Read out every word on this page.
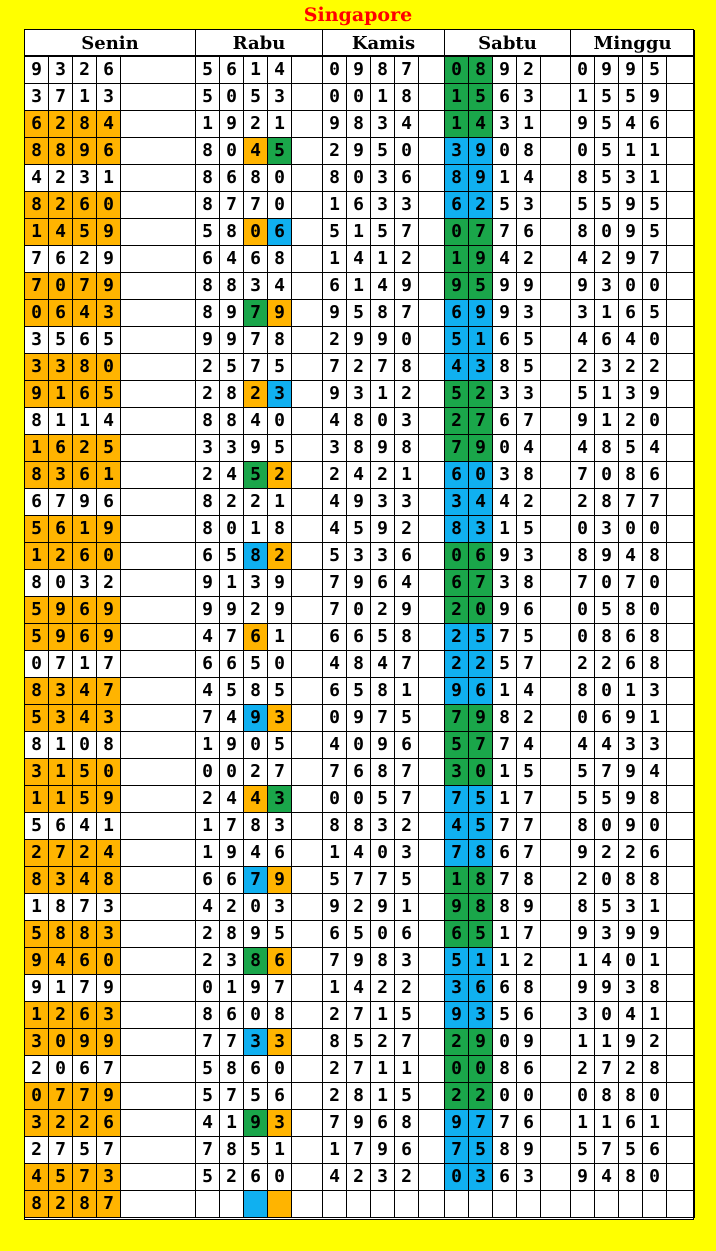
Singapore
Senin
9 3 2 6
3 7 1 3
6 2 8 4
8 8 9 6
4 2 3 1
8 2 6 0
1 4 5 9
7 6 2 9
7 0 7 9
0 6 4 3
3 5 6 5
3 3 8 0
9 1 6 5
8 1 1 4
1 6 2 5
8 3 6 1
6 7 9 6
5 6 1 9
1 2 6 0
8 0 3 2
5 9 6 9
5 9 6 9
0 7 1 7
8 3 4 7
5 3 4 3
8 1 0 8
3 1 5 0
1 1 5 9
5 6 4 1
2 7 2 4
8 3 4 8
1 8 7 3
5 8 8 3
9 4 6 0
9 1 7 9
1 2 6 3
3 0 9 9
2 0 6 7
0 7 7 9
3 2 2 6
2 7 5 7
4 5 7 3
8 2 8 7
Rabu
5 6 1 4
5 0 5 3
1 9 2 1
8 0 4 5
8 6 8 0
8 7 7 0
5 8 0 6
6 4 6 8
8 8 3 4
8 9 7 9
9 9 7 8
2 5 7 5
2 8 2 3
8 8 4 0
3 3 9 5
2 4 5 2
8 2 2 1
8 0 1 8
6 5 8 2
9 1 3 9
9 9 2 9
4 7 6 1
6 6 5 0
4 5 8 5
7 4 9 3
1 9 0 5
0 0 2 7
2 4 4 3
1 7 8 3
1 9 4 6
6 6 7 9
4 2 0 3
2 8 9 5
2 3 8 6
0 1 9 7
8 6 0 8
7 7 3 3
5 8 6 0
5 7 5 6
4 1 9 3
7 8 5 1
5 2 6 0
Kamis
0 9 8 7
0 0 1 8
9 8 3 4
2 9 5 0
8 0 3 6
1 6 3 3
5 1 5 7
1 4 1 2
6 1 4 9
9 5 8 7
2 9 9 0
7 2 7 8
9 3 1 2
4 8 0 3
3 8 9 8
2 4 2 1
4 9 3 3
4 5 9 2
5 3 3 6
7 9 6 4
7 0 2 9
6 6 5 8
4 8 4 7
6 5 8 1
0 9 7 5
4 0 9 6
7 6 8 7
0 0 5 7
8 8 3 2
1 4 0 3
5 7 7 5
9 2 9 1
6 5 0 6
7 9 8 3
1 4 2 2
2 7 1 5
8 5 2 7
2 7 1 1
2 8 1 5
7 9 6 8
1 7 9 6
4 2 3 2
Sabtu
0 8 9 2
1 5 6 3
1 4 3 1
3 9 0 8
8 9 1 4
6 2 5 3
0 7 7 6
1 9 4 2
9 5 9 9
6 9 9 3
5 1 6 5
4 3 8 5
5 2 3 3
2 7 6 7
7 9 0 4
6 0 3 8
3 4 4 2
8 3 1 5
0 6 9 3
6 7 3 8
2 0 9 6
2 5 7 5
2 2 5 7
9 6 1 4
7 9 8 2
5 7 7 4
3 0 1 5
7 5 1 7
4 5 7 7
7 8 6 7
1 8 7 8
9 8 8 9
6 5 1 7
5 1 1 2
3 6 6 8
9 3 5 6
2 9 0 9
0 0 8 6
2 2 0 0
9 7 7 6
7 5 8 9
0 3 6 3
Minggu
0 9 9 5
1 5 5 9
9 5 4 6
0 5 1 1
8 5 3 1
5 5 9 5
8 0 9 5
4 2 9 7
9 3 0 0
3 1 6 5
4 6 4 0
2 3 2 2
5 1 3 9
9 1 2 0
4 8 5 4
7 0 8 6
2 8 7 7
0 3 0 0
8 9 4 8
7 0 7 0
0 5 8 0
0 8 6 8
2 2 6 8
8 0 1 3
0 6 9 1
4 4 3 3
5 7 9 4
5 5 9 8
8 0 9 0
9 2 2 6
2 0 8 8
8 5 3 1
9 3 9 9
1 4 0 1
9 9 3 8
3 0 4 1
1 1 9 2
2 7 2 8
0 8 8 0
1 1 6 1
5 7 5 6
9 4 8 0
